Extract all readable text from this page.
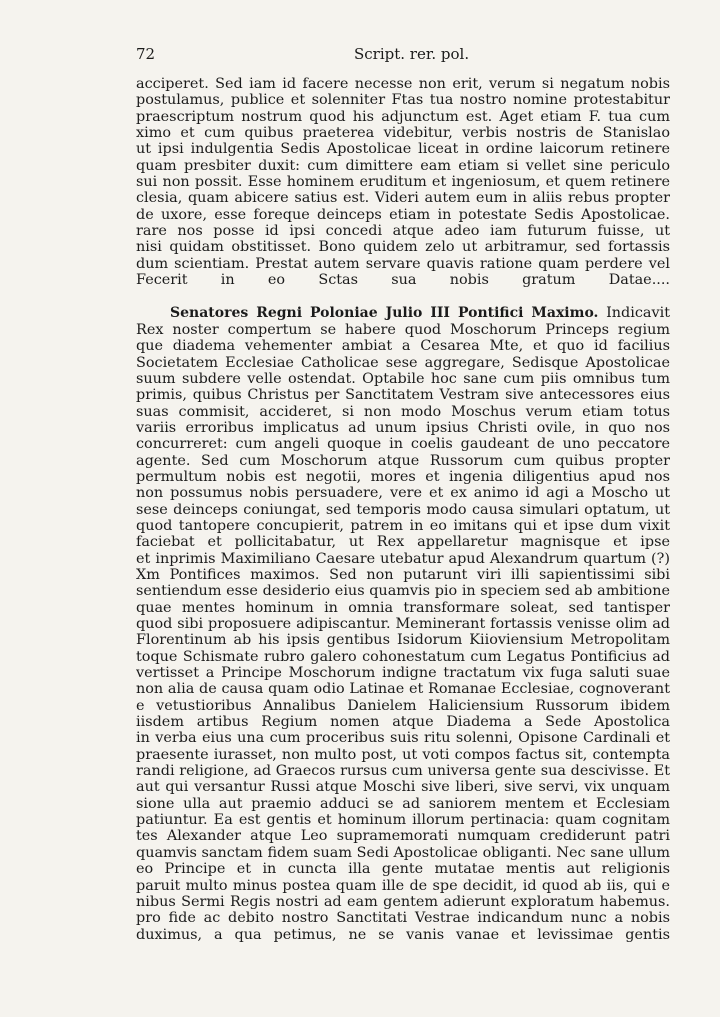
72	Script. rer. pol.
acciperet. Sed iam id facere necesse non erit, verum si negatum nobis
postulamus, publice et solenniter Ftas tua nostro nomine protestabitur
praescriptum nostrum quod his adjunctum est. Aget etiam F. tua cum
ximo et cum quibus praeterea videbitur, verbis nostris de Stanislao
ut ipsi indulgentia Sedis Apostolicae liceat in ordine laicorum retinere
quam presbiter duxit: cum dimittere eam etiam si vellet sine periculo
sui non possit. Esse hominem eruditum et ingeniosum, et quem retinere
clesia, quam abicere satius est. Videri autem eum in aliis rebus propter
de uxore, esse foreque deinceps etiam in potestate Sedis Apostolicae.
rare nos posse id ipsi concedi atque adeo iam futurum fuisse, ut
nisi quidam obstitisset. Bono quidem zelo ut arbitramur, sed fortassis
dum scientiam. Prestat autem servare quavis ratione quam perdere vel
Fecerit in eo Sctas sua nobis gratum Datae....
Senatores Regni Poloniae Julio III Pontifici Maximo. Indicavit
Rex noster compertum se habere quod Moschorum Princeps regium
que diadema vehementer ambiat a Cesarea Mte, et quo id facilius
Societatem Ecclesiae Catholicae sese aggregare, Sedisque Apostolicae
suum subdere velle ostendat. Optabile hoc sane cum piis omnibus tum
primis, quibus Christus per Sanctitatem Vestram sive antecessores eius
suas commisit, accideret, si non modo Moschus verum etiam totus
variis erroribus implicatus ad unum ipsius Christi ovile, in quo nos
concurreret: cum angeli quoque in coelis gaudeant de uno peccatore
agente. Sed cum Moschorum atque Russorum cum quibus propter
permultum nobis est negotii, mores et ingenia diligentius apud nos
non possumus nobis persuadere, vere et ex animo id agi a Moscho ut
sese deinceps coniungat, sed temporis modo causa simulari optatum, ut
quod tantopere concupierit, patrem in eo imitans qui et ipse dum vixit
faciebat et pollicitabatur, ut Rex appellaretur magnisque et ipse
et inprimis Maximiliano Caesare utebatur apud Alexandrum quartum (?)
Xm Pontifices maximos. Sed non putarunt viri illi sapientissimi sibi
sentiendum esse desiderio eius quamvis pio in speciem sed ab ambitione
quae mentes hominum in omnia transformare soleat, sed tantisper
quod sibi proposuere adipiscantur. Meminerant fortassis venisse olim ad
Florentinum ab his ipsis gentibus Isidorum Kiioviensium Metropolitam
toque Schismate rubro galero cohonestatum cum Legatus Pontificius ad
vertisset a Principe Moschorum indigne tractatum vix fuga saluti suae
non alia de causa quam odio Latinae et Romanae Ecclesiae, cognoverant
e vetustioribus Annalibus Danielem Haliciensium Russorum ibidem
iisdem artibus Regium nomen atque Diadema a Sede Apostolica
in verba eius una cum proceribus suis ritu solenni, Opisone Cardinali et
praesente iurasset, non multo post, ut voti compos factus sit, contempta
randi religione, ad Graecos rursus cum universa gente sua descivisse. Et
aut qui versantur Russi atque Moschi sive liberi, sive servi, vix unquam
sione ulla aut praemio adduci se ad saniorem mentem et Ecclesiam
patiuntur. Ea est gentis et hominum illorum pertinacia: quam cognitam
tes Alexander atque Leo supramemorati numquam crediderunt patri
quamvis sanctam fidem suam Sedi Apostolicae obliganti. Nec sane ullum
eo Principe et in cuncta illa gente mutatae mentis aut religionis
paruit multo minus postea quam ille de spe decidit, id quod ab iis, qui e
nibus Sermi Regis nostri ad eam gentem adierunt exploratum habemus.
pro fide ac debito nostro Sanctitati Vestrae indicandum nunc a nobis
duximus, a qua petimus, ne se vanis vanae et levissimae gentis
